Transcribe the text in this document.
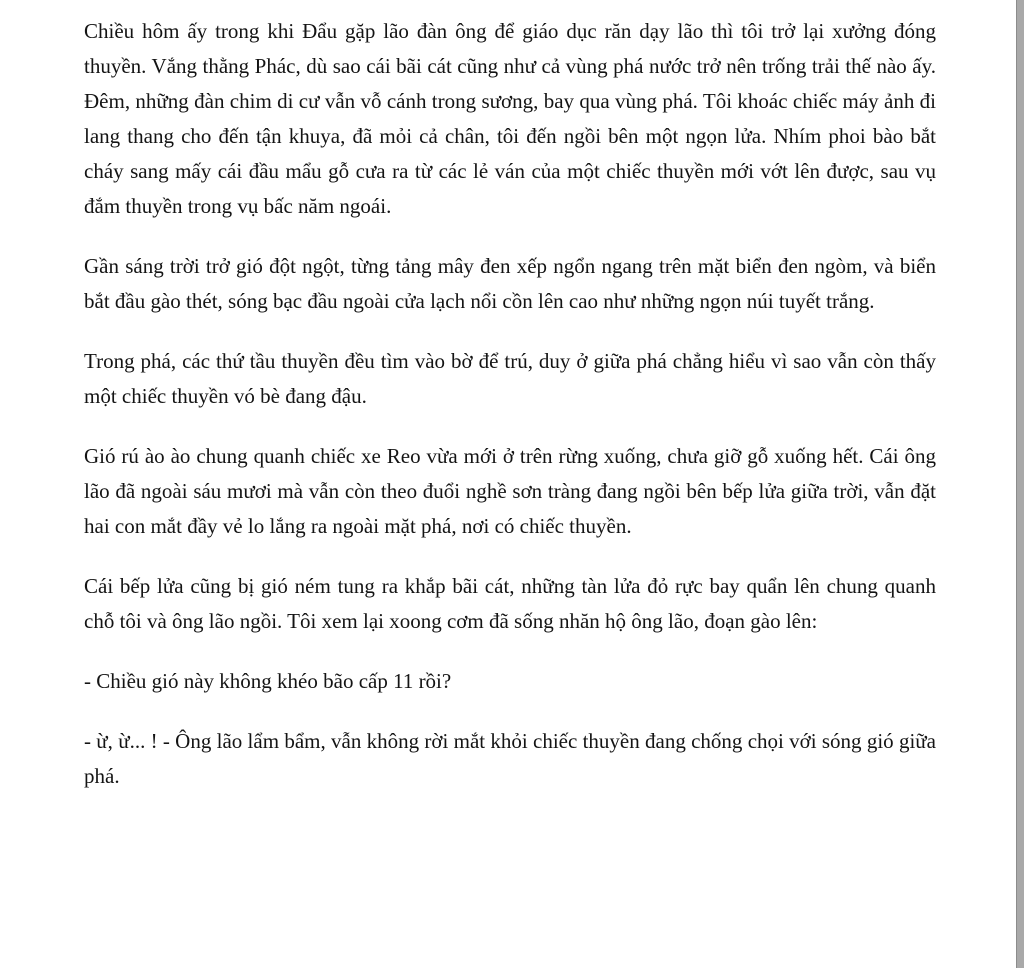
Chiều hôm ấy trong khi Đẩu gặp lão đàn ông để giáo dục răn dạy lão thì tôi trở lại xưởng đóng thuyền. Vắng thằng Phác, dù sao cái bãi cát cũng như cả vùng phá nước trở nên trống trải thế nào ấy. Đêm, những đàn chim di cư vẫn vỗ cánh trong sương, bay qua vùng phá. Tôi khoác chiếc máy ảnh đi lang thang cho đến tận khuya, đã mỏi cả chân, tôi đến ngồi bên một ngọn lửa. Nhím phoi bào bắt cháy sang mấy cái đầu mẩu gỗ cưa ra từ các lẻ ván của một chiếc thuyền mới vớt lên được, sau vụ đắm thuyền trong vụ bấc năm ngoái.

Gần sáng trời trở gió đột ngột, từng tảng mây đen xếp ngổn ngang trên mặt biển đen ngòm, và biển bắt đầu gào thét, sóng bạc đầu ngoài cửa lạch nổi cồn lên cao như những ngọn núi tuyết trắng.

Trong phá, các thứ tầu thuyền đều tìm vào bờ để trú, duy ở giữa phá chẳng hiểu vì sao vẫn còn thấy một chiếc thuyền vó bè đang đậu.

Gió rú ào ào chung quanh chiếc xe Reo vừa mới ở trên rừng xuống, chưa giỡ gỗ xuống hết. Cái ông lão đã ngoài sáu mươi mà vẫn còn theo đuổi nghề sơn tràng đang ngồi bên bếp lửa giữa trời, vẫn đặt hai con mắt đầy vẻ lo lắng ra ngoài mặt phá, nơi có chiếc thuyền.

Cái bếp lửa cũng bị gió ném tung ra khắp bãi cát, những tàn lửa đỏ rực bay quẩn lên chung quanh chỗ tôi và ông lão ngồi. Tôi xem lại xoong cơm đã sống nhăn hộ ông lão, đoạn gào lên:

- Chiều gió này không khéo bão cấp 11 rồi?

- ừ, ừ... ! - Ông lão lẩm bẩm, vẫn không rời mắt khỏi chiếc thuyền đang chống chọi với sóng gió giữa phá.
